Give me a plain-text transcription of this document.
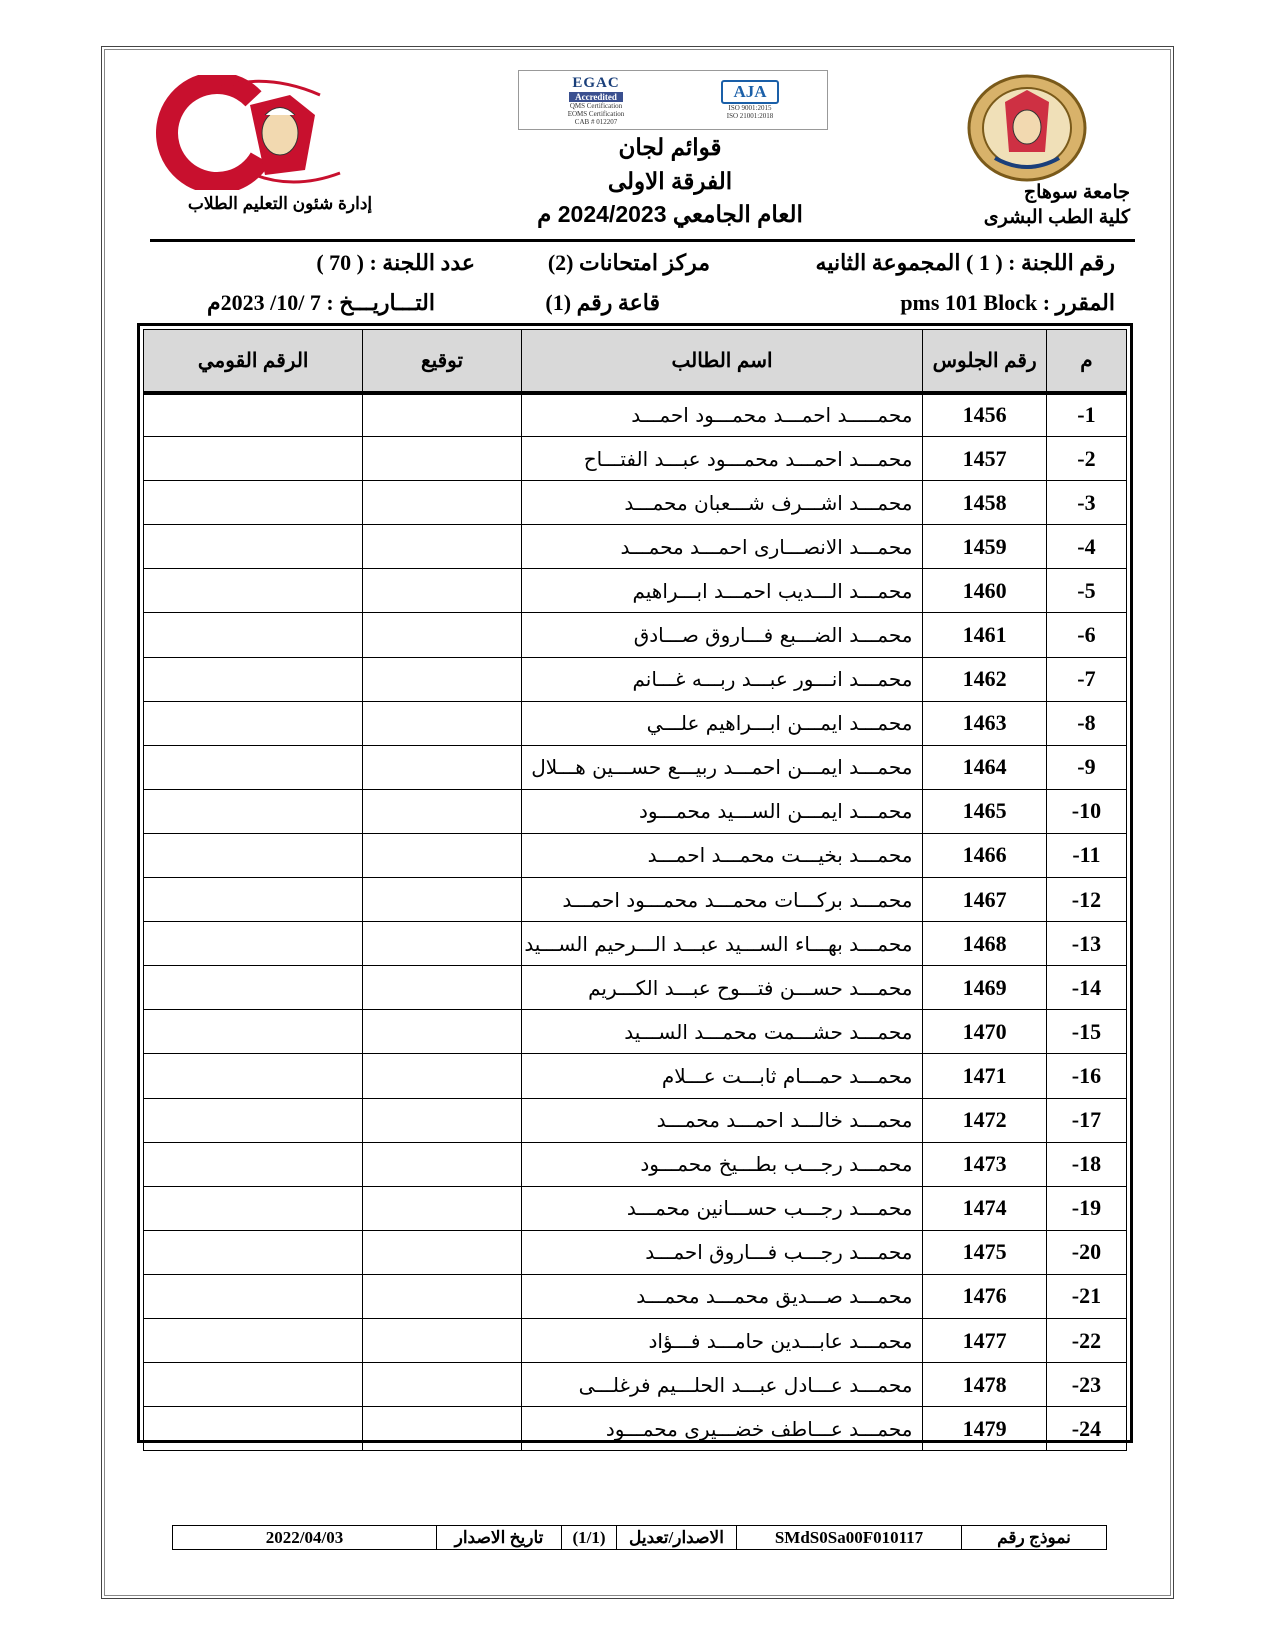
EGAC
Accredited
QMS Certification
EOMS Certification
CAB # 012207
AJA
ISO 9001:2015
ISO 21001:2018
قوائم لجان
الفرقة الاولى
العام الجامعي 2024/2023 م
جامعة سوهاج
كلية الطب البشرى
إدارة شئون التعليم الطلاب
رقم اللجنة : ( 1 ) المجموعة الثانيه
مركز امتحانات (2)
عدد اللجنة : ( 70 )
المقرر : pms 101 Block
قاعة رقم (1)
التـــاريـــخ : 7 /10/ 2023م
م	رقم الجلوس	اسم الطالب	توقيع	الرقم القومي
-1	1456	محمـــــد احمـــد محمـــود احمـــد		
-2	1457	محمـــد احمـــد محمـــود عبـــد الفتـــاح		
-3	1458	محمـــد اشـــرف شـــعبان محمـــد		
-4	1459	محمـــد الانصـــارى احمـــد محمـــد		
-5	1460	محمـــد الـــديب احمـــد ابـــراهيم		
-6	1461	محمـــد الضـــبع فـــاروق صـــادق		
-7	1462	محمـــد انـــور عبـــد ربـــه غـــانم		
-8	1463	محمـــد ايمـــن ابـــراهيم علـــي		
-9	1464	محمـــد ايمـــن احمـــد ربيـــع حســـين هـــلال		
-10	1465	محمـــد ايمـــن الســـيد محمـــود		
-11	1466	محمـــد بخيـــت محمـــد احمـــد		
-12	1467	محمـــد بركـــات محمـــد محمـــود احمـــد		
-13	1468	محمـــد بهـــاء الســـيد عبـــد الـــرحيم الســـيد		
-14	1469	محمـــد حســـن فتـــوح عبـــد الكـــريم		
-15	1470	محمـــد حشـــمت محمـــد الســـيد		
-16	1471	محمـــد حمـــام ثابـــت عـــلام		
-17	1472	محمـــد خالـــد احمـــد محمـــد		
-18	1473	محمـــد رجـــب بطـــيخ محمـــود		
-19	1474	محمـــد رجـــب حســـانين محمـــد		
-20	1475	محمـــد رجـــب فـــاروق احمـــد		
-21	1476	محمـــد صـــديق محمـــد محمـــد		
-22	1477	محمـــد عابـــدين حامـــد فـــؤاد		
-23	1478	محمـــد عـــادل عبـــد الحلـــيم فرغلـــى		
-24	1479	محمـــد عـــاطف خضـــيرى محمـــود		
نموذج رقم
SMdS0Sa00F010117
الاصدار/تعديل
(1/1)
تاريخ الاصدار
2022/04/03
